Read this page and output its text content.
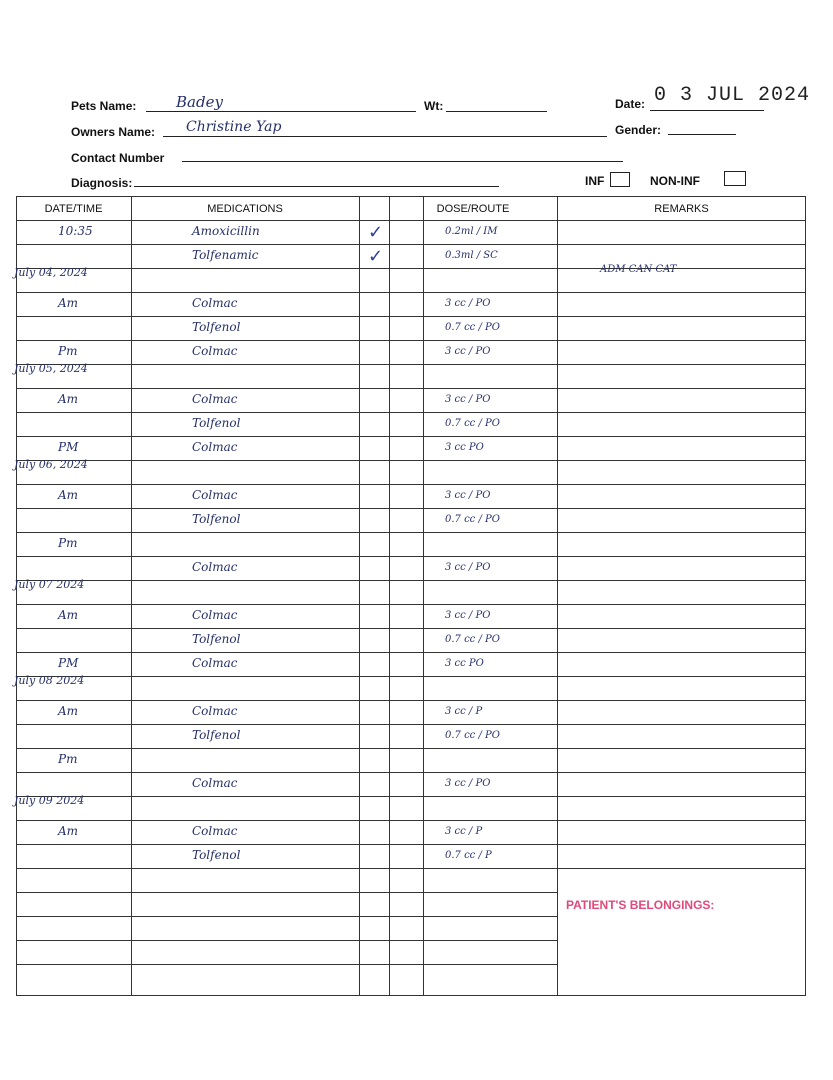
Pets Name:	Badey	Wt:	Date: 0 3 JUL 2024
Owners Name: Christine Yap	Gender:
Contact Number
Diagnosis:	INF	NON-INF
DATE/TIME	MEDICATIONS	DOSE/ROUTE	REMARKS
10:35	Amoxicillin	✓	0.2ml / IM
Tolfenamic	✓	0.3ml / SC
July 04, 2024	ADM CAN CAT
Am	Colmac	3 cc / PO
Tolfenol	0.7 cc / PO
Pm	Colmac	3 cc / PO
July 05, 2024
Am	Colmac	3 cc / PO
Tolfenol	0.7 cc / PO
PM	Colmac	3 cc PO
July 06, 2024
Am	Colmac	3 cc / PO
Tolfenol	0.7 cc / PO
Pm
Colmac	3 cc / PO
July 07 2024
Am	Colmac	3 cc / PO
Tolfenol	0.7 cc / PO
PM	Colmac	3 cc PO
July 08 2024
Am	Colmac	3 cc / P
Tolfenol	0.7 cc / PO
Pm
Colmac	3 cc / PO
July 09 2024
Am	Colmac	3 cc / P
Tolfenol	0.7 cc / P
PATIENT'S BELONGINGS:
